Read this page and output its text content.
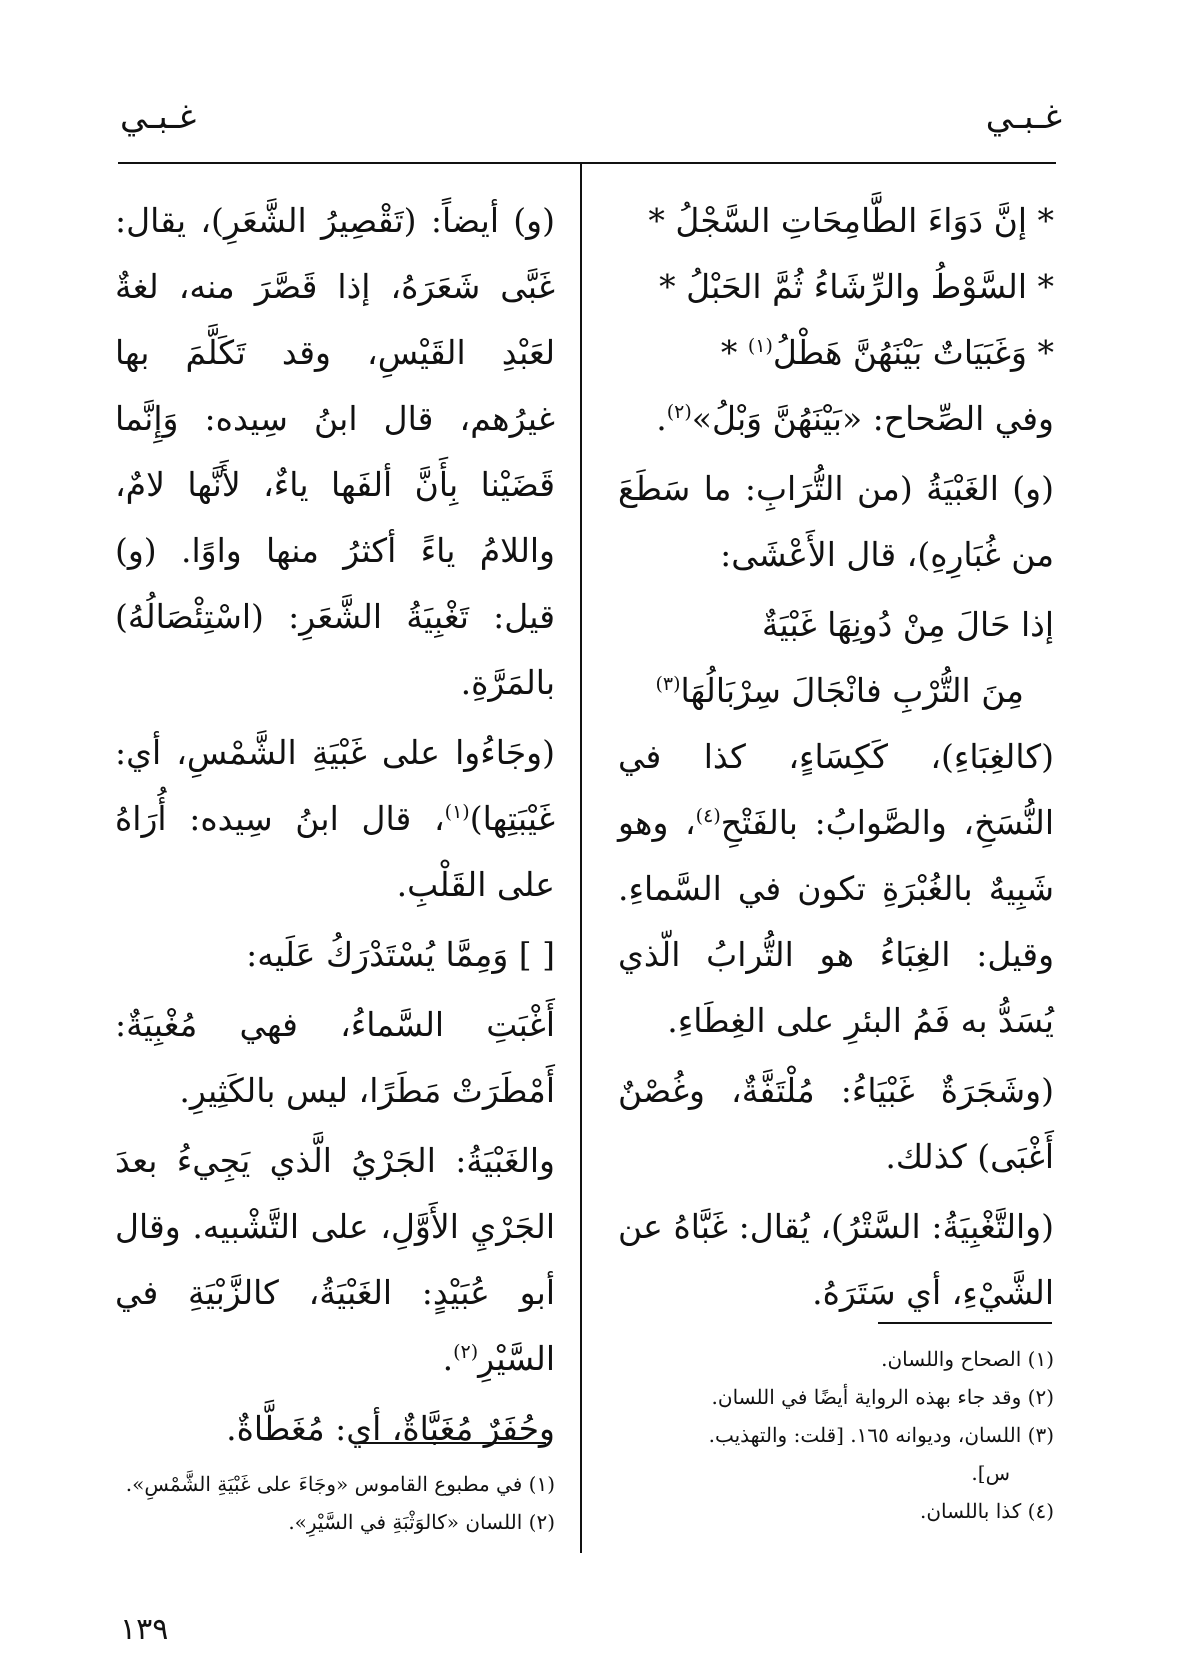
غـبـي	غـبـي
* إنَّ دَوَاءَ الطَّامِحَاتِ السَّجْلُ *
* السَّوْطُ والرِّشَاءُ ثُمَّ الحَبْلُ *
* وَغَبَيَاتٌ بَيْنَهُنَّ هَطْلُ$^{(١)}$ *

وفي الصِّحاح: «بَيْنَهُنَّ وَبْلُ»$^{(٢)}$.

(و) الغَبْيَةُ (من التُّرَابِ: ما سَطَعَ من غُبَارِهِ)، قال الأَعْشَى:

إذا حَالَ مِنْ دُونِهَا غَبْيَةٌ
مِنَ التُّرْبِ فانْجَالَ سِرْبَالُهَا$^{(٣)}$

(كالغِبَاءِ)، كَكِسَاءٍ، كذا في النُّسَخِ، والصَّوابُ: بالفَتْحِ$^{(٤)}$، وهو شَبِيهٌ بالغُبْرَةِ تكون في السَّماءِ. وقيل: الغِبَاءُ هو التُّرابُ الّذي يُسَدُّ به فَمُ البئرِ على الغِطَاءِ.

(وشَجَرَةٌ غَبْيَاءُ: مُلْتَفَّةٌ، وغُصْنٌ أَغْبَى) كذلك.

(والتَّغْبِيَةُ: السَّتْرُ)، يُقال: غَبَّاهُ عن الشَّيْءِ، أي سَتَرَهُ.

(١) الصحاح واللسان.
(٢) وقد جاء بهذه الرواية أيضًا في اللسان.
(٣) اللسان، وديوانه ١٦٥. [قلت: والتهذيب.
س].
(٤) كذا باللسان.

(و) أيضاً: (تَقْصِيرُ الشَّعَرِ)، يقال: غَبَّى شَعَرَهُ، إذا قَصَّرَ منه، لغةٌ لعَبْدِ القَيْسِ، وقد تَكَلَّمَ بها غيرُهم، قال ابنُ سِيده: وَإِنَّما قَضَيْنا بِأَنَّ ألفَها ياءٌ، لأَنَّها لامٌ، واللامُ ياءً أكثرُ منها واوًا. (و) قيل: تَغْبِيَةُ الشَّعَرِ: (اسْتِئْصَالُهُ) بالمَرَّةِ.

(وجَاءُوا على غَبْيَةِ الشَّمْسِ، أي: غَيْبَتِها)$^{(١)}$، قال ابنُ سِيده: أُرَاهُ على القَلْبِ.

[ ] وَمِمَّا يُسْتَدْرَكُ عَلَيه:

أَغْبَتِ السَّماءُ، فهي مُغْبِيَةٌ: أَمْطَرَتْ مَطَرًا، ليس بالكَثِيرِ.

والغَبْيَةُ: الجَرْيُ الَّذي يَجِيءُ بعدَ الجَرْيِ الأَوَّلِ، على التَّشْبيه. وقال أبو عُبَيْدٍ: الغَبْيَةُ، كالزَّبْيَةِ في السَّيْرِ$^{(٢)}$.

وحُفَرٌ مُغَبَّاةٌ، أي: مُغَطَّاةٌ.

(١) في مطبوع القاموس «وجَاءَ على غَبْيَةِ الشَّمْسِ».
(٢) اللسان «كالوَثْبَةِ في السَّيْرِ».
١٣٩
